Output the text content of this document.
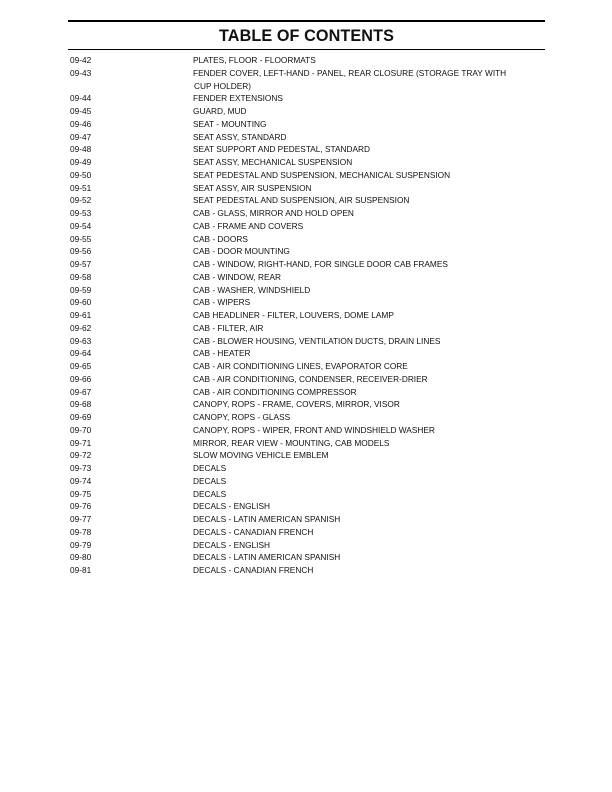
TABLE OF CONTENTS
09-42	PLATES, FLOOR - FLOORMATS
09-43	FENDER COVER, LEFT-HAND - PANEL, REAR CLOSURE (STORAGE TRAY WITH
CUP HOLDER)
09-44	FENDER EXTENSIONS
09-45	GUARD, MUD
09-46	SEAT - MOUNTING
09-47	SEAT ASSY, STANDARD
09-48	SEAT SUPPORT AND PEDESTAL, STANDARD
09-49	SEAT ASSY, MECHANICAL SUSPENSION
09-50	SEAT PEDESTAL AND SUSPENSION, MECHANICAL SUSPENSION
09-51	SEAT ASSY, AIR SUSPENSION
09-52	SEAT PEDESTAL AND SUSPENSION, AIR SUSPENSION
09-53	CAB - GLASS, MIRROR AND HOLD OPEN
09-54	CAB - FRAME AND COVERS
09-55	CAB - DOORS
09-56	CAB - DOOR MOUNTING
09-57	CAB - WINDOW, RIGHT-HAND, FOR SINGLE DOOR CAB FRAMES
09-58	CAB - WINDOW, REAR
09-59	CAB - WASHER, WINDSHIELD
09-60	CAB - WIPERS
09-61	CAB HEADLINER - FILTER, LOUVERS, DOME LAMP
09-62	CAB - FILTER, AIR
09-63	CAB - BLOWER HOUSING, VENTILATION DUCTS, DRAIN LINES
09-64	CAB - HEATER
09-65	CAB - AIR CONDITIONING LINES, EVAPORATOR CORE
09-66	CAB - AIR CONDITIONING, CONDENSER, RECEIVER-DRIER
09-67	CAB - AIR CONDITIONING COMPRESSOR
09-68	CANOPY, ROPS - FRAME, COVERS, MIRROR, VISOR
09-69	CANOPY, ROPS - GLASS
09-70	CANOPY, ROPS - WIPER, FRONT AND WINDSHIELD WASHER
09-71	MIRROR, REAR VIEW - MOUNTING, CAB MODELS
09-72	SLOW MOVING VEHICLE EMBLEM
09-73	DECALS
09-74	DECALS
09-75	DECALS
09-76	DECALS - ENGLISH
09-77	DECALS - LATIN AMERICAN SPANISH
09-78	DECALS - CANADIAN FRENCH
09-79	DECALS - ENGLISH
09-80	DECALS - LATIN AMERICAN SPANISH
09-81	DECALS - CANADIAN FRENCH
